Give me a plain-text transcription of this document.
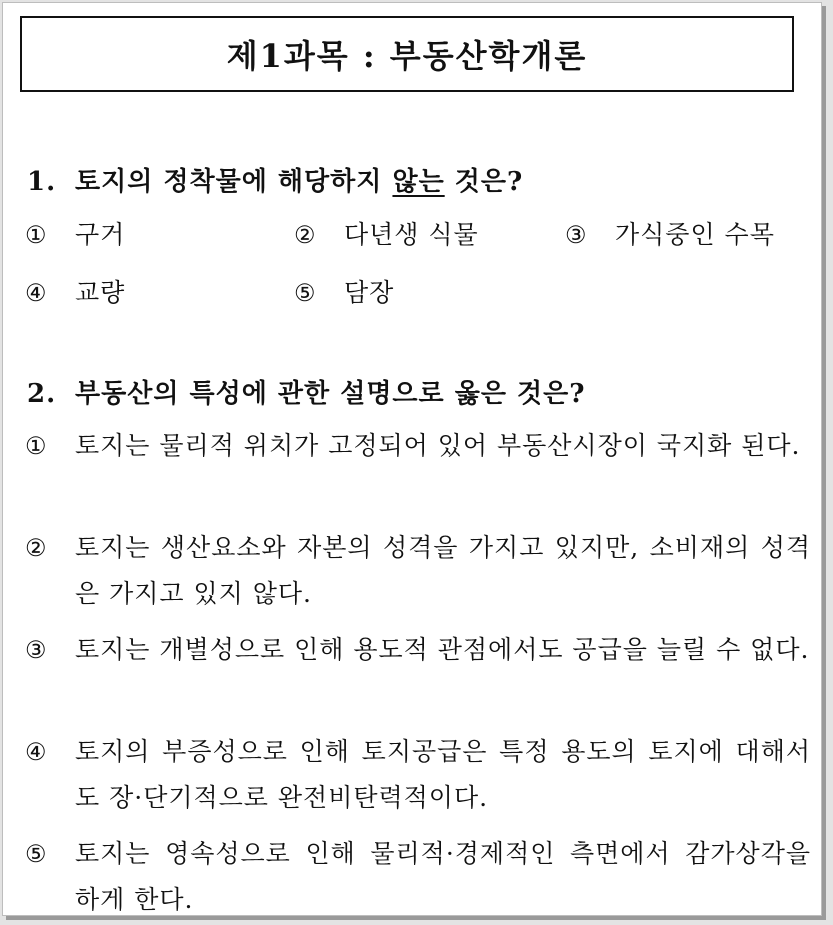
제1과목 : 부동산학개론
1. 토지의 정착물에 해당하지 않는 것은?
① 구거	② 다년생 식물	③ 가식중인 수목
④ 교량	⑤ 담장
2. 부동산의 특성에 관한 설명으로 옳은 것은?
① 토지는 물리적 위치가 고정되어 있어 부동산시장이 국지화 된다.
② 토지는 생산요소와 자본의 성격을 가지고 있지만, 소비재의 성격은 가지고 있지 않다.
③ 토지는 개별성으로 인해 용도적 관점에서도 공급을 늘릴 수 없다.
④ 토지의 부증성으로 인해 토지공급은 특정 용도의 토지에 대해서도 장·단기적으로 완전비탄력적이다.
⑤ 토지는 영속성으로 인해 물리적·경제적인 측면에서 감가상각을 하게 한다.
